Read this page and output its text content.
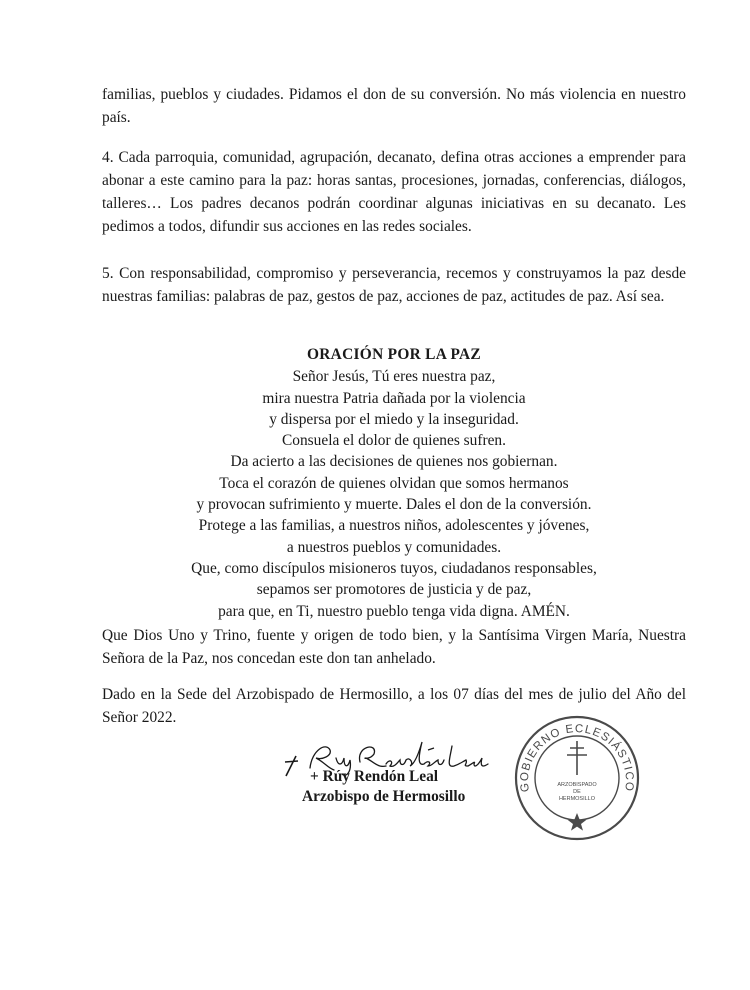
familias, pueblos y ciudades. Pidamos el don de su conversión. No más violencia en nuestro país.

4. Cada parroquia, comunidad, agrupación, decanato, defina otras acciones a emprender para abonar a este camino para la paz: horas santas, procesiones, jornadas, conferencias, diálogos, talleres… Los padres decanos podrán coordinar algunas iniciativas en su decanato. Les pedimos a todos, difundir sus acciones en las redes sociales.

5. Con responsabilidad, compromiso y perseverancia, recemos y construyamos la paz desde nuestras familias: palabras de paz, gestos de paz, acciones de paz, actitudes de paz. Así sea.

ORACIÓN POR LA PAZ
Señor Jesús, Tú eres nuestra paz,
mira nuestra Patria dañada por la violencia
y dispersa por el miedo y la inseguridad.
Consuela el dolor de quienes sufren.
Da acierto a las decisiones de quienes nos gobiernan.
Toca el corazón de quienes olvidan que somos hermanos
y provocan sufrimiento y muerte. Dales el don de la conversión.
Protege a las familias, a nuestros niños, adolescentes y jóvenes,
a nuestros pueblos y comunidades.
Que, como discípulos misioneros tuyos, ciudadanos responsables,
sepamos ser promotores de justicia y de paz,
para que, en Ti, nuestro pueblo tenga vida digna. AMÉN.

Que Dios Uno y Trino, fuente y origen de todo bien, y la Santísima Virgen María, Nuestra Señora de la Paz, nos concedan este don tan anhelado.

Dado en la Sede del Arzobispado de Hermosillo, a los 07 días del mes de julio del Año del Señor 2022.

+ Rúy Rendón Leal
Arzobispo de Hermosillo
GOBIERNO ECLESIÁSTICO
ARZOBISPADO
DE
HERMOSILLO
